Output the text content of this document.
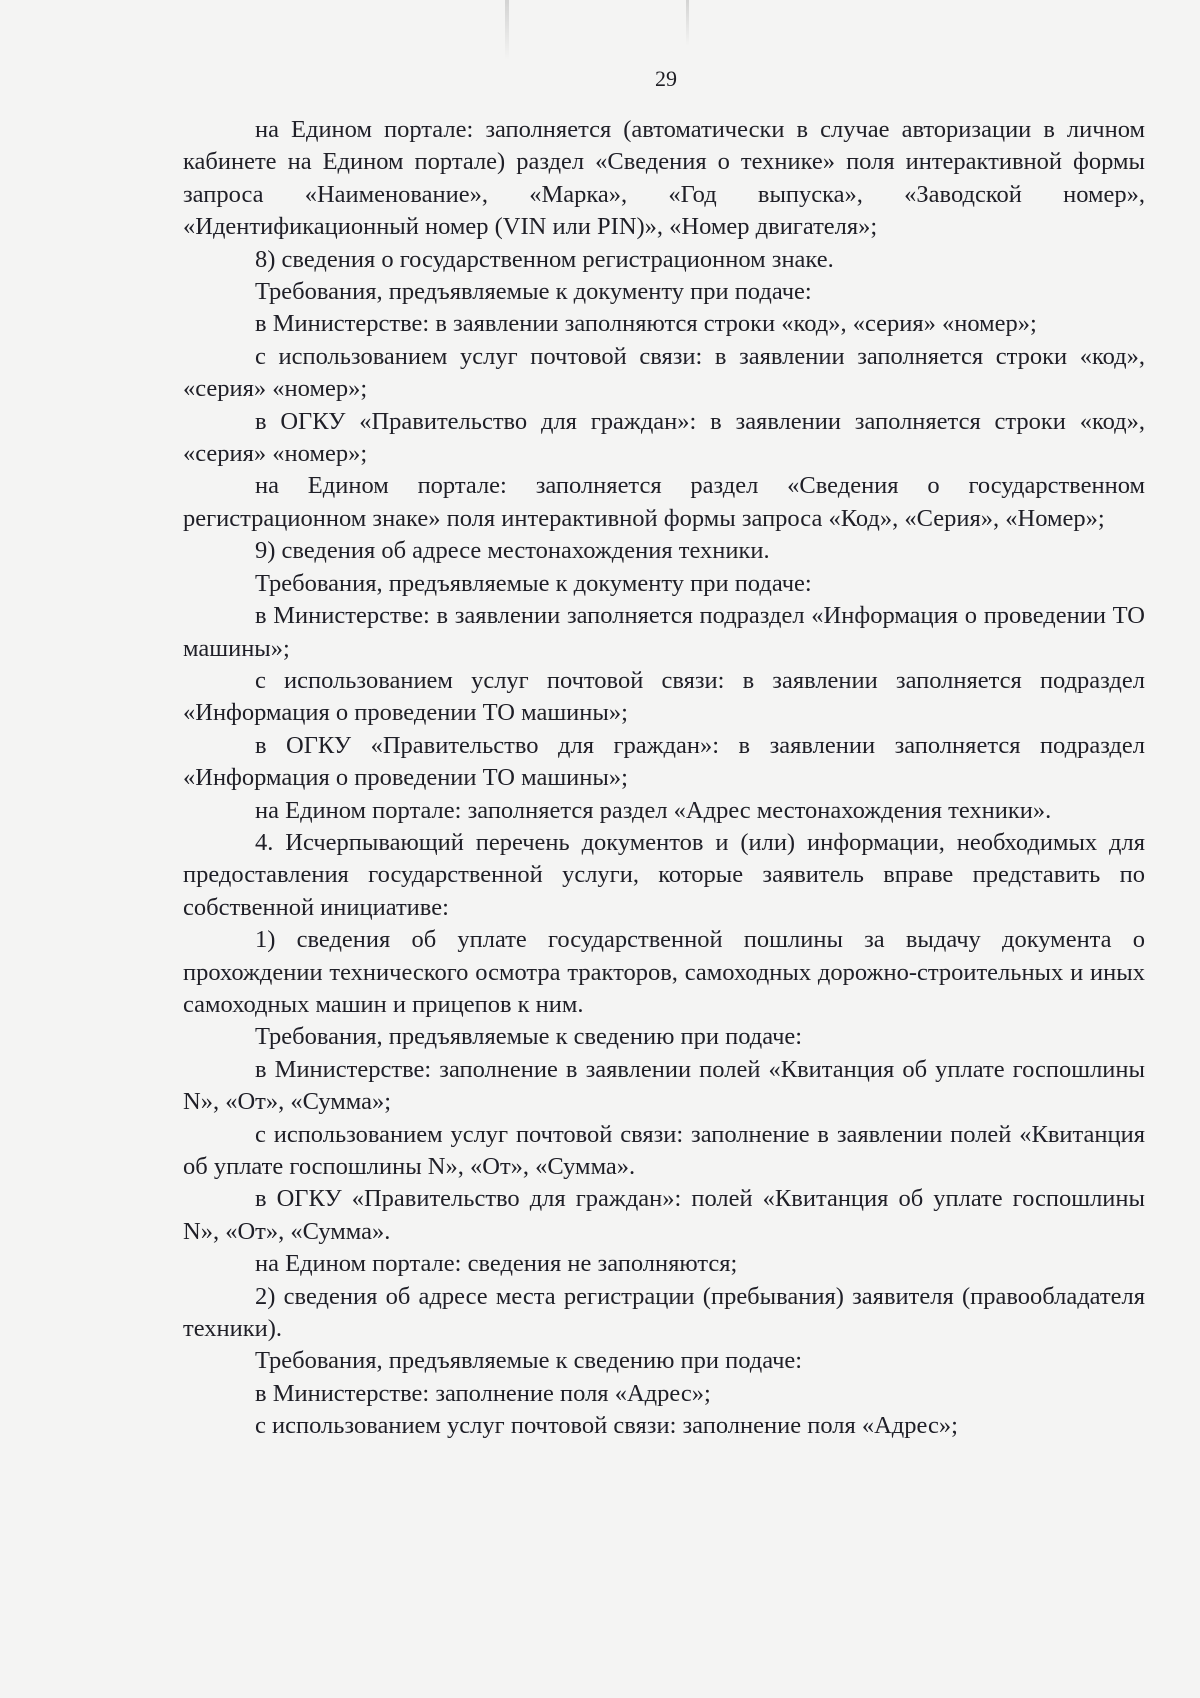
29

на Едином портале: заполняется (автоматически в случае авторизации в личном кабинете на Едином портале) раздел «Сведения о технике» поля интерактивной формы запроса «Наименование», «Марка», «Год выпуска», «Заводской номер», «Идентификационный номер (VIN или PIN)», «Номер двигателя»;

8) сведения о государственном регистрационном знаке.

Требования, предъявляемые к документу при подаче:

в Министерстве: в заявлении заполняются строки «код», «серия» «номер»;

с использованием услуг почтовой связи: в заявлении заполняется строки «код», «серия» «номер»;

в ОГКУ «Правительство для граждан»: в заявлении заполняется строки «код», «серия» «номер»;

на Едином портале: заполняется раздел «Сведения о государственном регистрационном знаке» поля интерактивной формы запроса «Код», «Серия», «Номер»;

9) сведения об адресе местонахождения техники.

Требования, предъявляемые к документу при подаче:

в Министерстве: в заявлении заполняется подраздел «Информация о проведении ТО машины»;

с использованием услуг почтовой связи: в заявлении заполняется подраздел «Информация о проведении ТО машины»;

в ОГКУ «Правительство для граждан»: в заявлении заполняется подраздел «Информация о проведении ТО машины»;

на Едином портале: заполняется раздел «Адрес местонахождения техники».

4. Исчерпывающий перечень документов и (или) информации, необходимых для предоставления государственной услуги, которые заявитель вправе представить по собственной инициативе:

1) сведения об уплате государственной пошлины за выдачу документа о прохождении технического осмотра тракторов, самоходных дорожно-строительных и иных самоходных машин и прицепов к ним.

Требования, предъявляемые к сведению при подаче:

в Министерстве: заполнение в заявлении полей «Квитанция об уплате госпошлины N», «От», «Сумма»;

с использованием услуг почтовой связи: заполнение в заявлении полей «Квитанция об уплате госпошлины N», «От», «Сумма».

в ОГКУ «Правительство для граждан»: полей «Квитанция об уплате госпошлины N», «От», «Сумма».

на Едином портале: сведения не заполняются;

2) сведения об адресе места регистрации (пребывания) заявителя (правообладателя техники).

Требования, предъявляемые к сведению при подаче:

в Министерстве: заполнение поля «Адрес»;

с использованием услуг почтовой связи: заполнение поля «Адрес»;
